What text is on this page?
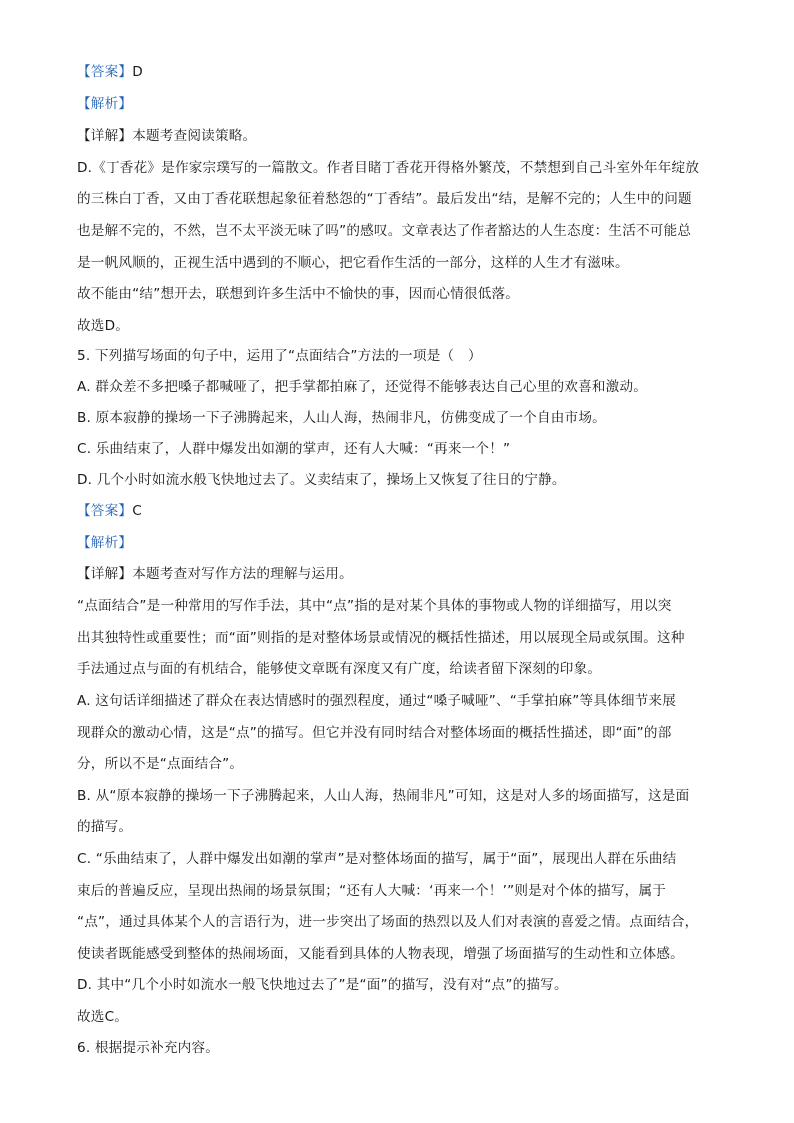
【答案】D
【解析】
【详解】本题考查阅读策略。
D.《丁香花》是作家宗璞写的一篇散文。作者目睹丁香花开得格外繁茂，不禁想到自己斗室外年年绽放
的三株白丁香，又由丁香花联想起象征着愁怨的“丁香结”。最后发出“结，是解不完的；人生中的问题
也是解不完的，不然，岂不太平淡无味了吗”的感叹。文章表达了作者豁达的人生态度：生活不可能总
是一帆风顺的，正视生活中遇到的不顺心，把它看作生活的一部分，这样的人生才有滋味。
故不能由“结”想开去，联想到许多生活中不愉快的事，因而心情很低落。
故选D。
5. 下列描写场面的句子中，运用了“点面结合”方法的一项是（　）
A. 群众差不多把嗓子都喊哑了，把手掌都拍麻了，还觉得不能够表达自己心里的欢喜和激动。
B. 原本寂静的操场一下子沸腾起来，人山人海，热闹非凡，仿佛变成了一个自由市场。
C. 乐曲结束了，人群中爆发出如潮的掌声，还有人大喊：“再来一个！”
D. 几个小时如流水般飞快地过去了。义卖结束了，操场上又恢复了往日的宁静。
【答案】C
【解析】
【详解】本题考查对写作方法的理解与运用。
“点面结合”是一种常用的写作手法，其中“点”指的是对某个具体的事物或人物的详细描写，用以突
出其独特性或重要性；而“面”则指的是对整体场景或情况的概括性描述，用以展现全局或氛围。这种
手法通过点与面的有机结合，能够使文章既有深度又有广度，给读者留下深刻的印象。
A. 这句话详细描述了群众在表达情感时的强烈程度，通过“嗓子喊哑”、“手掌拍麻”等具体细节来展
现群众的激动心情，这是“点”的描写。但它并没有同时结合对整体场面的概括性描述，即“面”的部
分，所以不是“点面结合”。
B. 从“原本寂静的操场一下子沸腾起来，人山人海，热闹非凡”可知，这是对人多的场面描写，这是面
的描写。
C. “乐曲结束了，人群中爆发出如潮的掌声”是对整体场面的描写，属于“面”，展现出人群在乐曲结
束后的普遍反应，呈现出热闹的场景氛围；“还有人大喊：‘再来一个！’”则是对个体的描写，属于
“点”，通过具体某个人的言语行为，进一步突出了场面的热烈以及人们对表演的喜爱之情。点面结合，
使读者既能感受到整体的热闹场面，又能看到具体的人物表现，增强了场面描写的生动性和立体感。
D. 其中“几个小时如流水一般飞快地过去了”是“面”的描写，没有对“点”的描写。
故选C。
6. 根据提示补充内容。
